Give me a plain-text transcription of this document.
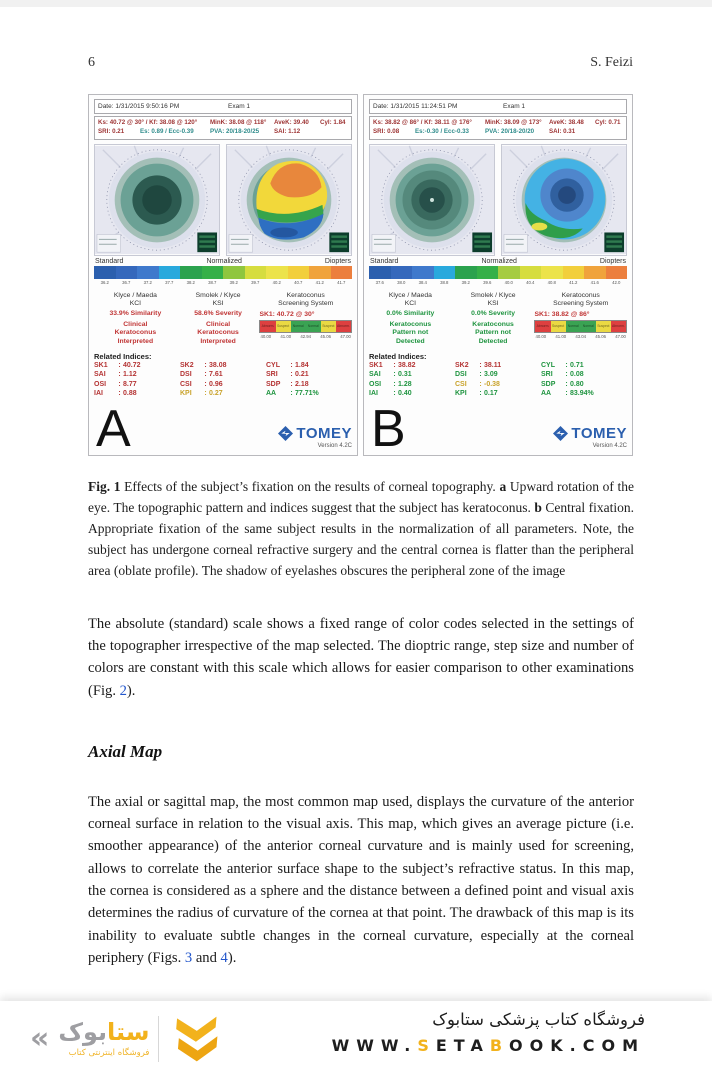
6	S. Feizi
Date: 1/31/2015 9:50:16 PM	Exam 1
Ks: 40.72 @ 30° / Kf: 38.08 @ 120°	MinK: 38.08 @ 118°	AveK: 39.40	Cyl: 1.84
SRI: 0.21	Es: 0.89 / Ecc-0.39	PVA: 20/18-20/25	SAI: 1.12
Standard	Normalized	Diopters
36.2	36.7	37.2	37.7	38.2	38.7	39.2	39.7	40.2	40.7	41.2	41.7
Klyce / Maeda
KCI
33.9% Similarity
Clinical Keratoconus Interpreted
Smolek / Klyce
KSI
58.6% Severity
Clinical Keratoconus Interpreted
Keratoconus Screening System
SK1: 40.72 @ 30°
Abnorm. Suspect	Normal	Normal	Suspect Abnorm.
40.00 41.00 42.94 45.06 47.00
Related Indices:
SK1	: 40.72	SK2	: 38.08	CYL	: 1.84
SAI	: 1.12	DSI	: 7.61	SRI	: 0.21
OSI	: 8.77	CSI	: 0.96	SDP	: 2.18
IAI	: 0.88	KPI	: 0.27	AA	: 77.71%
A	TOMEY
Version 4.2C
Date: 1/31/2015 11:24:51 PM	Exam 1
Ks: 38.82 @ 86° / Kf: 38.11 @ 176°	MinK: 38.09 @ 173°	AveK: 38.48	Cyl: 0.71
SRI: 0.08	Es:-0.30 / Ecc-0.33	PVA: 20/18-20/20	SAI: 0.31
Standard	Normalized	Diopters
37.6	38.0	38.4	38.8	39.2	39.6	40.0	40.4	40.8	41.2	41.6	42.0
Klyce / Maeda
KCI
0.0% Similarity
Keratoconus Pattern not Detected
Smolek / Klyce
KSI
0.0% Severity
Keratoconus Pattern not Detected
Keratoconus Screening System
SK1: 38.82 @ 86°
Abnorm. Suspect	Normal	Normal	Suspect Abnorm.
40.00 41.00 43.04 45.06 47.00
Related Indices:
SK1	: 38.82	SK2	: 38.11	CYL	: 0.71
SAI	: 0.31	DSI	: 3.09	SRI	: 0.08
OSI	: 1.28	CSI	: -0.38	SDP	: 0.80
IAI	: 0.40	KPI	: 0.17	AA	: 83.94%
B	TOMEY
Version 4.2C

Fig. 1 Effects of the subject’s fixation on the results of corneal topography. a Upward rotation of the eye. The topographic pattern and indices suggest that the subject has keratoconus. b Central fixation. Appropriate fixation of the same subject results in the normalization of all parameters. Note, the subject has undergone corneal refractive surgery and the central cornea is flatter than the peripheral area (oblate profile). The shadow of eyelashes obscures the peripheral zone of the image

The absolute (standard) scale shows a fixed range of color codes selected in the settings of the topographer irrespective of the map selected. The dioptric range, step size and number of colors are constant with this scale which allows for easier comparison to other examinations (Fig. 2).

Axial Map

The axial or sagittal map, the most common map used, displays the curvature of the anterior corneal surface in relation to the visual axis. This map, which gives an average picture (i.e. smoother appearance) of the anterior corneal curvature and is mainly used for screening, allows to correlate the anterior surface shape to the subject’s refractive status. In this map, the cornea is considered as a sphere and the distance between a defined point and visual axis determines the radius of curvature of the cornea at that point. The drawback of this map is its inability to evaluate subtle changes in the corneal curvature, especially at the corneal periphery (Figs. 3 and 4).

«	ستابوک
فروشگاه اینترنتی کتاب
فروشگاه کتاب پزشکی ستابوک
WWW.SETABOOK.COM
